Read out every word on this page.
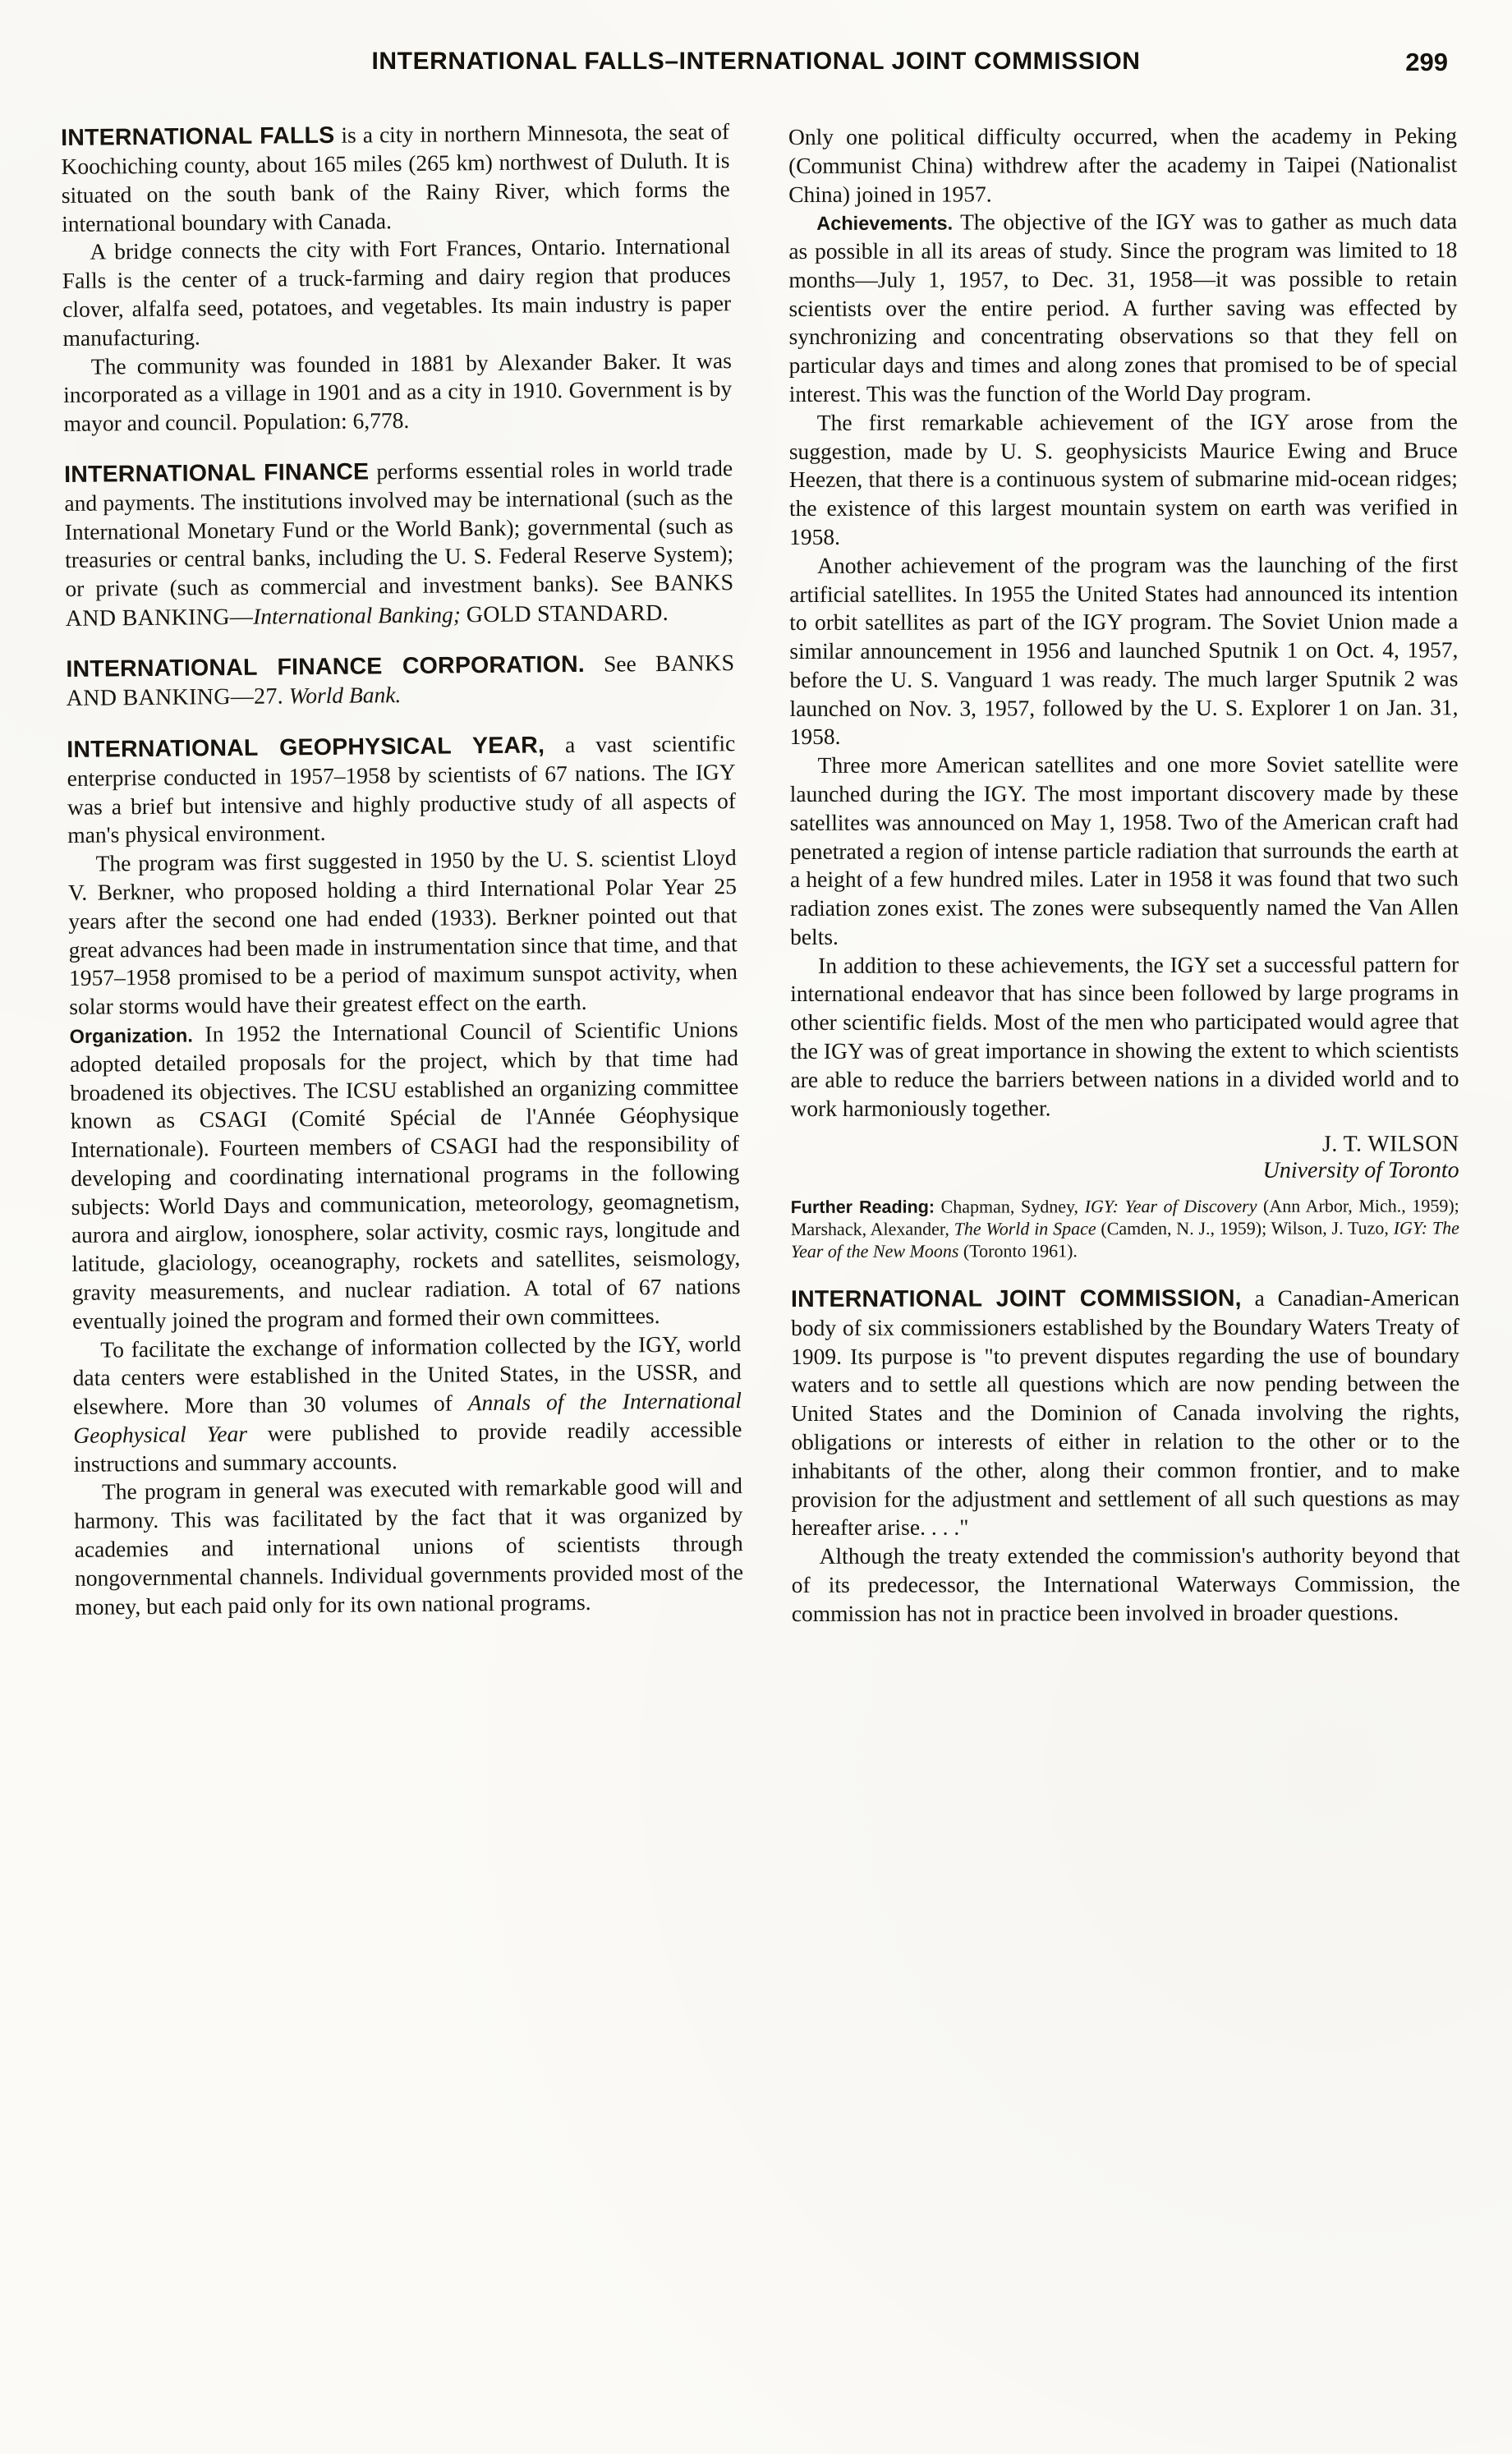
INTERNATIONAL FALLS–INTERNATIONAL JOINT COMMISSION	299

INTERNATIONAL FALLS is a city in northern Minnesota, the seat of Koochiching county, about 165 miles (265 km) northwest of Duluth. It is situated on the south bank of the Rainy River, which forms the international boundary with Canada.

A bridge connects the city with Fort Frances, Ontario. International Falls is the center of a truck-farming and dairy region that produces clover, alfalfa seed, potatoes, and vegetables. Its main industry is paper manufacturing.

The community was founded in 1881 by Alexander Baker. It was incorporated as a village in 1901 and as a city in 1910. Government is by mayor and council. Population: 6,778.

INTERNATIONAL FINANCE performs essential roles in world trade and payments. The institutions involved may be international (such as the International Monetary Fund or the World Bank); governmental (such as treasuries or central banks, including the U. S. Federal Reserve System); or private (such as commercial and investment banks). See BANKS AND BANKING—International Banking; GOLD STANDARD.

INTERNATIONAL FINANCE CORPORATION. See BANKS AND BANKING—27. World Bank.

INTERNATIONAL GEOPHYSICAL YEAR, a vast scientific enterprise conducted in 1957–1958 by scientists of 67 nations. The IGY was a brief but intensive and highly productive study of all aspects of man's physical environment.

The program was first suggested in 1950 by the U. S. scientist Lloyd V. Berkner, who proposed holding a third International Polar Year 25 years after the second one had ended (1933). Berkner pointed out that great advances had been made in instrumentation since that time, and that 1957–1958 promised to be a period of maximum sunspot activity, when solar storms would have their greatest effect on the earth.

Organization. In 1952 the International Council of Scientific Unions adopted detailed proposals for the project, which by that time had broadened its objectives. The ICSU established an organizing committee known as CSAGI (Comité Spécial de l'Année Géophysique Internationale). Fourteen members of CSAGI had the responsibility of developing and coordinating international programs in the following subjects: World Days and communication, meteorology, geomagnetism, aurora and airglow, ionosphere, solar activity, cosmic rays, longitude and latitude, glaciology, oceanography, rockets and satellites, seismology, gravity measurements, and nuclear radiation. A total of 67 nations eventually joined the program and formed their own committees.

To facilitate the exchange of information collected by the IGY, world data centers were established in the United States, in the USSR, and elsewhere. More than 30 volumes of Annals of the International Geophysical Year were published to provide readily accessible instructions and summary accounts.

The program in general was executed with remarkable good will and harmony. This was facilitated by the fact that it was organized by academies and international unions of scientists through nongovernmental channels. Individual governments provided most of the money, but each paid only for its own national programs.

Only one political difficulty occurred, when the academy in Peking (Communist China) withdrew after the academy in Taipei (Nationalist China) joined in 1957.

Achievements. The objective of the IGY was to gather as much data as possible in all its areas of study. Since the program was limited to 18 months—July 1, 1957, to Dec. 31, 1958—it was possible to retain scientists over the entire period. A further saving was effected by synchronizing and concentrating observations so that they fell on particular days and times and along zones that promised to be of special interest. This was the function of the World Day program.

The first remarkable achievement of the IGY arose from the suggestion, made by U. S. geophysicists Maurice Ewing and Bruce Heezen, that there is a continuous system of submarine mid-ocean ridges; the existence of this largest mountain system on earth was verified in 1958.

Another achievement of the program was the launching of the first artificial satellites. In 1955 the United States had announced its intention to orbit satellites as part of the IGY program. The Soviet Union made a similar announcement in 1956 and launched Sputnik 1 on Oct. 4, 1957, before the U. S. Vanguard 1 was ready. The much larger Sputnik 2 was launched on Nov. 3, 1957, followed by the U. S. Explorer 1 on Jan. 31, 1958.

Three more American satellites and one more Soviet satellite were launched during the IGY. The most important discovery made by these satellites was announced on May 1, 1958. Two of the American craft had penetrated a region of intense particle radiation that surrounds the earth at a height of a few hundred miles. Later in 1958 it was found that two such radiation zones exist. The zones were subsequently named the Van Allen belts.

In addition to these achievements, the IGY set a successful pattern for international endeavor that has since been followed by large programs in other scientific fields. Most of the men who participated would agree that the IGY was of great importance in showing the extent to which scientists are able to reduce the barriers between nations in a divided world and to work harmoniously together.

J. T. WILSON
University of Toronto

Further Reading: Chapman, Sydney, IGY: Year of Discovery (Ann Arbor, Mich., 1959); Marshack, Alexander, The World in Space (Camden, N. J., 1959); Wilson, J. Tuzo, IGY: The Year of the New Moons (Toronto 1961).

INTERNATIONAL JOINT COMMISSION, a Canadian-American body of six commissioners established by the Boundary Waters Treaty of 1909. Its purpose is "to prevent disputes regarding the use of boundary waters and to settle all questions which are now pending between the United States and the Dominion of Canada involving the rights, obligations or interests of either in relation to the other or to the inhabitants of the other, along their common frontier, and to make provision for the adjustment and settlement of all such questions as may hereafter arise. . . ."

Although the treaty extended the commission's authority beyond that of its predecessor, the International Waterways Commission, the commission has not in practice been involved in broader questions.
